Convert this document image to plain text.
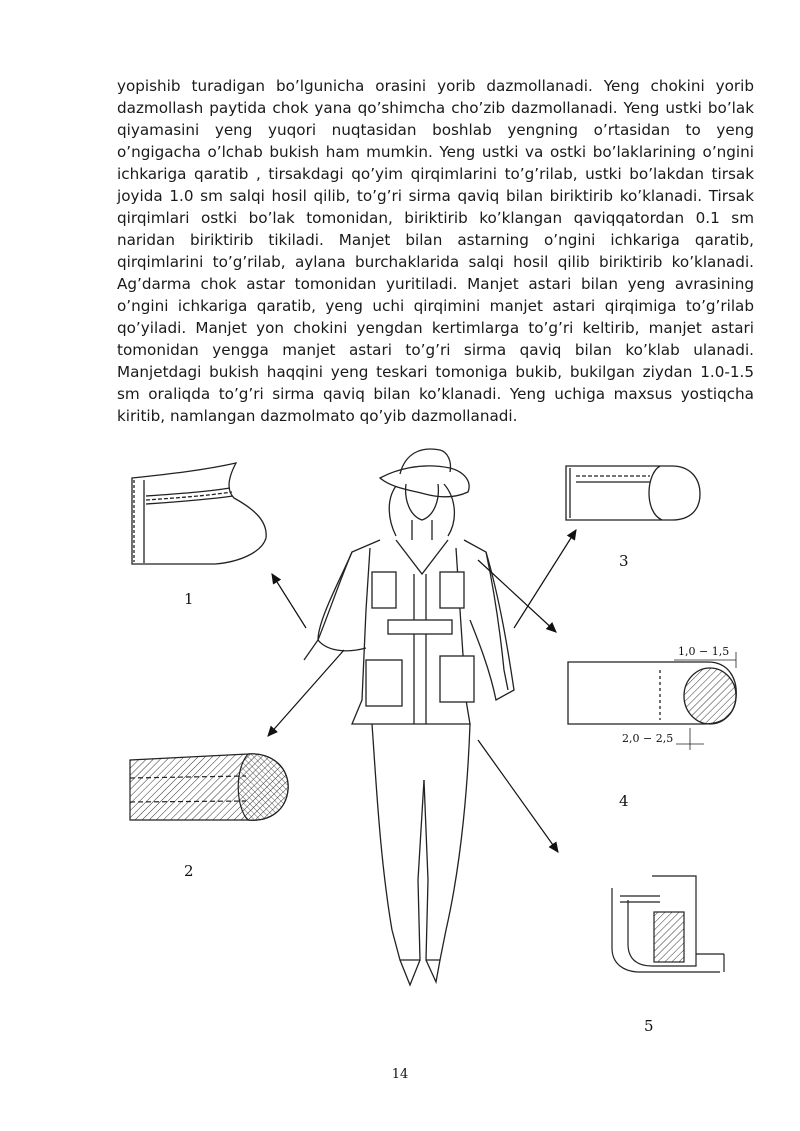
yopishib turadigan bo’lgunicha orasini yorib dazmollanadi. Yeng chokini yorib
dazmollash paytida chok yana qo’shimcha cho’zib dazmollanadi. Yeng ustki bo’lak
qiyamasini yeng yuqori nuqtasidan boshlab yengning o’rtasidan to yeng
o’ngigacha o’lchab bukish ham mumkin. Yeng ustki va ostki bo’laklarining o’ngini
ichkariga qaratib , tirsakdagi qo’yim qirqimlarini to’g’rilab, ustki bo’lakdan tirsak
joyida 1.0 sm salqi hosil qilib, to’g’ri sirma qaviq bilan biriktirib ko’klanadi. Tirsak
qirqimlari ostki bo’lak tomonidan, biriktirib ko’klangan qaviqqatordan 0.1 sm
naridan biriktirib tikiladi. Manjet bilan astarning o’ngini ichkariga qaratib,
qirqimlarini to’g’rilab, aylana burchaklarida salqi hosil qilib biriktirib ko’klanadi.
Ag’darma chok astar tomonidan yuritiladi. Manjet astari bilan yeng avrasining
o’ngini ichkariga qaratib, yeng uchi qirqimini manjet astari qirqimiga to’g’rilab
qo’yiladi. Manjet yon chokini yengdan kertimlarga to’g’ri keltirib, manjet astari
tomonidan yengga manjet astari to’g’ri sirma qaviq bilan ko’klab ulanadi.
Manjetdagi bukish haqqini yeng teskari tomoniga bukib, bukilgan ziydan 1.0-1.5
sm oraliqda to’g’ri sirma qaviq bilan ko’klanadi. Yeng uchiga maxsus yostiqcha
kiritib, namlangan dazmolmato qo’yib dazmollanadi.
1,0 − 1,5
2,0 − 2,5
1
2
3
4
5
14
